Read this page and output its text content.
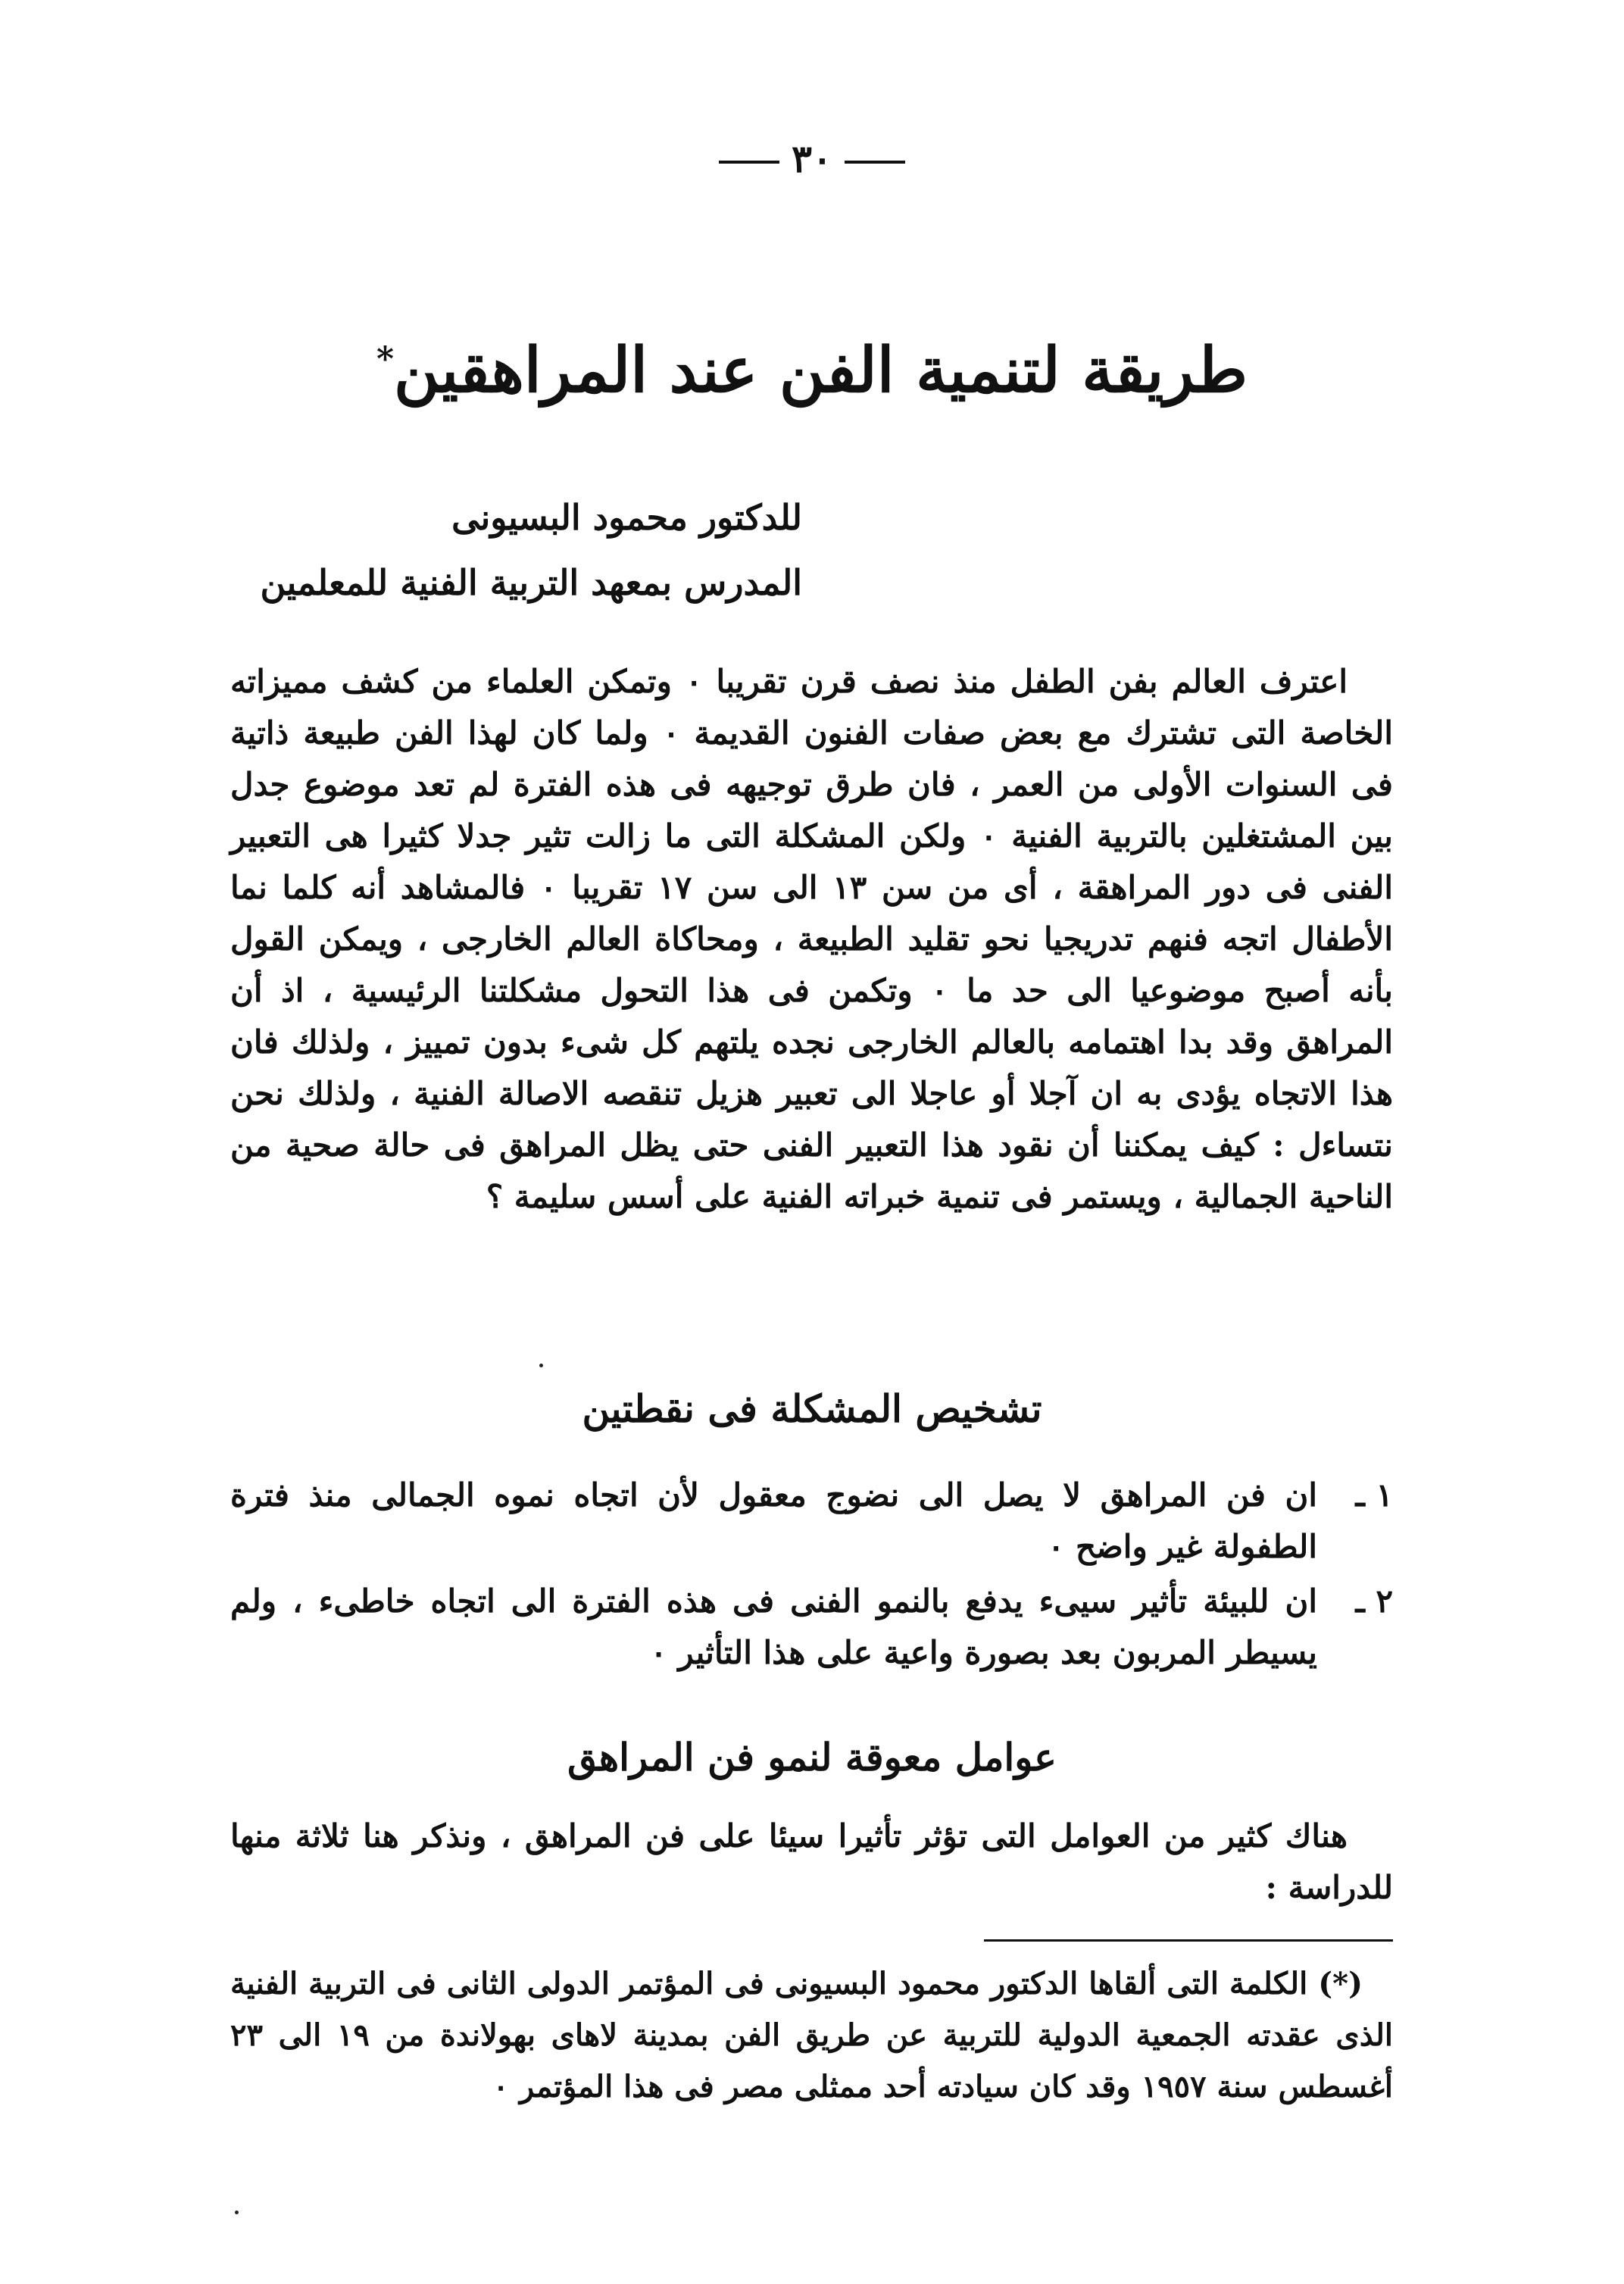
٣٠
طريقة لتنمية الفن عند المراهقين*
للدكتور محمود البسيونى
المدرس بمعهد التربية الفنية للمعلمين

اعترف العالم بفن الطفل منذ نصف قرن تقريبا ٠ وتمكن العلماء من كشف مميزاته الخاصة التى تشترك مع بعض صفات الفنون القديمة ٠ ولما كان لهذا الفن طبيعة ذاتية فى السنوات الأولى من العمر ، فان طرق توجيهه فى هذه الفترة لم تعد موضوع جدل بين المشتغلين بالتربية الفنية ٠ ولكن المشكلة التى ما زالت تثير جدلا كثيرا هى التعبير الفنى فى دور المراهقة ، أى من سن ١٣ الى سن ١٧ تقريبا ٠ فالمشاهد أنه كلما نما الأطفال اتجه فنهم تدريجيا نحو تقليد الطبيعة ، ومحاكاة العالم الخارجى ، ويمكن القول بأنه أصبح موضوعيا الى حد ما ٠ وتكمن فى هذا التحول مشكلتنا الرئيسية ، اذ أن المراهق وقد بدا اهتمامه بالعالم الخارجى نجده يلتهم كل شىء بدون تمييز ، ولذلك فان هذا الاتجاه يؤدى به ان آجلا أو عاجلا الى تعبير هزيل تنقصه الاصالة الفنية ، ولذلك نحن نتساءل : كيف يمكننا أن نقود هذا التعبير الفنى حتى يظل المراهق فى حالة صحية من الناحية الجمالية ، ويستمر فى تنمية خبراته الفنية على أسس سليمة ؟

تشخيص المشكلة فى نقطتين
١ ـ
ان فن المراهق لا يصل الى نضوج معقول لأن اتجاه نموه الجمالى منذ فترة الطفولة غير واضح ٠
٢ ـ
ان للبيئة تأثير سيىء يدفع بالنمو الفنى فى هذه الفترة الى اتجاه خاطىء ، ولم يسيطر المربون بعد بصورة واعية على هذا التأثير ٠
عوامل معوقة لنمو فن المراهق

هناك كثير من العوامل التى تؤثر تأثيرا سيئا على فن المراهق ، ونذكر هنا ثلاثة منها للدراسة :

(*) الكلمة التى ألقاها الدكتور محمود البسيونى فى المؤتمر الدولى الثانى فى التربية الفنية الذى عقدته الجمعية الدولية للتربية عن طريق الفن بمدينة لاهاى بهولاندة من ١٩ الى ٢٣ أغسطس سنة ١٩٥٧ وقد كان سيادته أحد ممثلى مصر فى هذا المؤتمر ٠
